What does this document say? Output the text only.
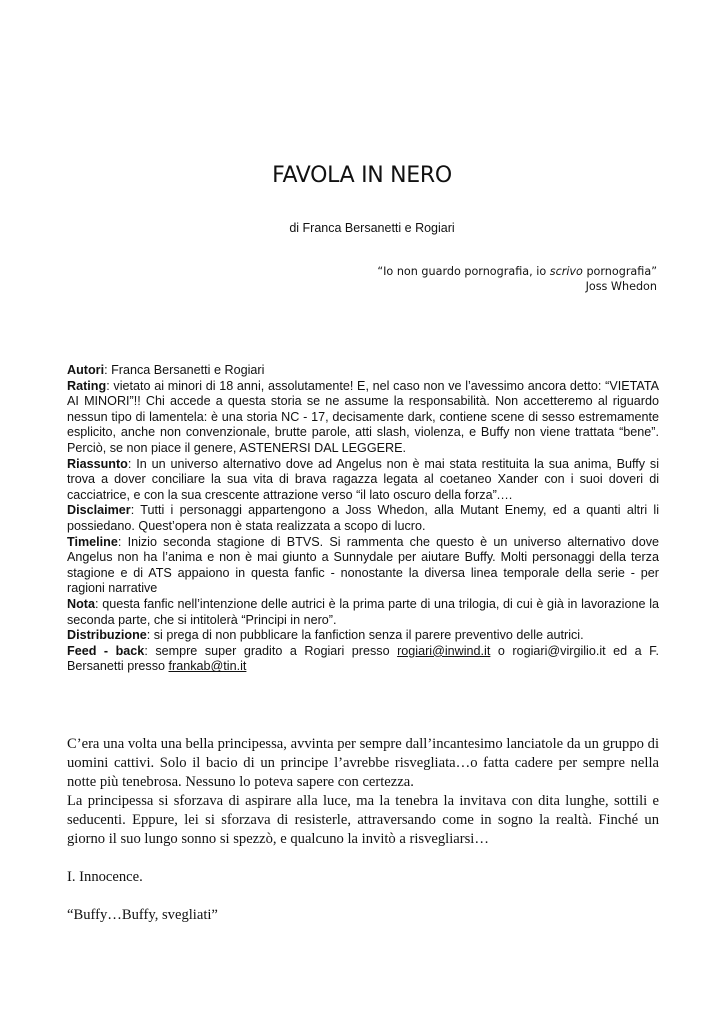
FAVOLA IN NERO
di Franca Bersanetti e Rogiari
“Io non guardo pornografia, io scrivo pornografia”
Joss Whedon

Autori: Franca Bersanetti e Rogiari

Rating: vietato ai minori di 18 anni, assolutamente! E, nel caso non ve l’avessimo ancora detto: “VIETATA AI MINORI”!! Chi accede a questa storia se ne assume la responsabilità. Non accetteremo al riguardo nessun tipo di lamentela: è una storia NC - 17, decisamente dark, contiene scene di sesso estremamente esplicito, anche non convenzionale, brutte parole, atti slash, violenza, e Buffy non viene trattata “bene”. Perciò, se non piace il genere, ASTENERSI DAL LEGGERE.

Riassunto: In un universo alternativo dove ad Angelus non è mai stata restituita la sua anima, Buffy si trova a dover conciliare la sua vita di brava ragazza legata al coetaneo Xander con i suoi doveri di cacciatrice, e con la sua crescente attrazione verso “il lato oscuro della forza”.…

Disclaimer: Tutti i personaggi appartengono a Joss Whedon, alla Mutant Enemy, ed a quanti altri li possiedano. Quest’opera non è stata realizzata a scopo di lucro.

Timeline: Inizio seconda stagione di BTVS. Si rammenta che questo è un universo alternativo dove Angelus non ha l’anima e non è mai giunto a Sunnydale per aiutare Buffy. Molti personaggi della terza stagione e di ATS appaiono in questa fanfic - nonostante la diversa linea temporale della serie - per ragioni narrative

Nota: questa fanfic nell’intenzione delle autrici è la prima parte di una trilogia, di cui è già in lavorazione la seconda parte, che si intitolerà “Principi in nero”.

Distribuzione: si prega di non pubblicare la fanfiction senza il parere preventivo delle autrici.

Feed - back: sempre super gradito a Rogiari presso rogiari@inwind.it o rogiari@virgilio.it ed a F. Bersanetti presso frankab@tin.it

C’era una volta una bella principessa, avvinta per sempre dall’incantesimo lanciatole da un gruppo di uomini cattivi. Solo il bacio di un principe l’avrebbe risvegliata…o fatta cadere per sempre nella notte più tenebrosa. Nessuno lo poteva sapere con certezza.

La principessa si sforzava di aspirare alla luce, ma la tenebra la invitava con dita lunghe, sottili e seducenti. Eppure, lei si sforzava di resisterle, attraversando come in sogno la realtà. Finché un giorno il suo lungo sonno si spezzò, e qualcuno la invitò a risvegliarsi…

I. Innocence.

“Buffy…Buffy, svegliati”
